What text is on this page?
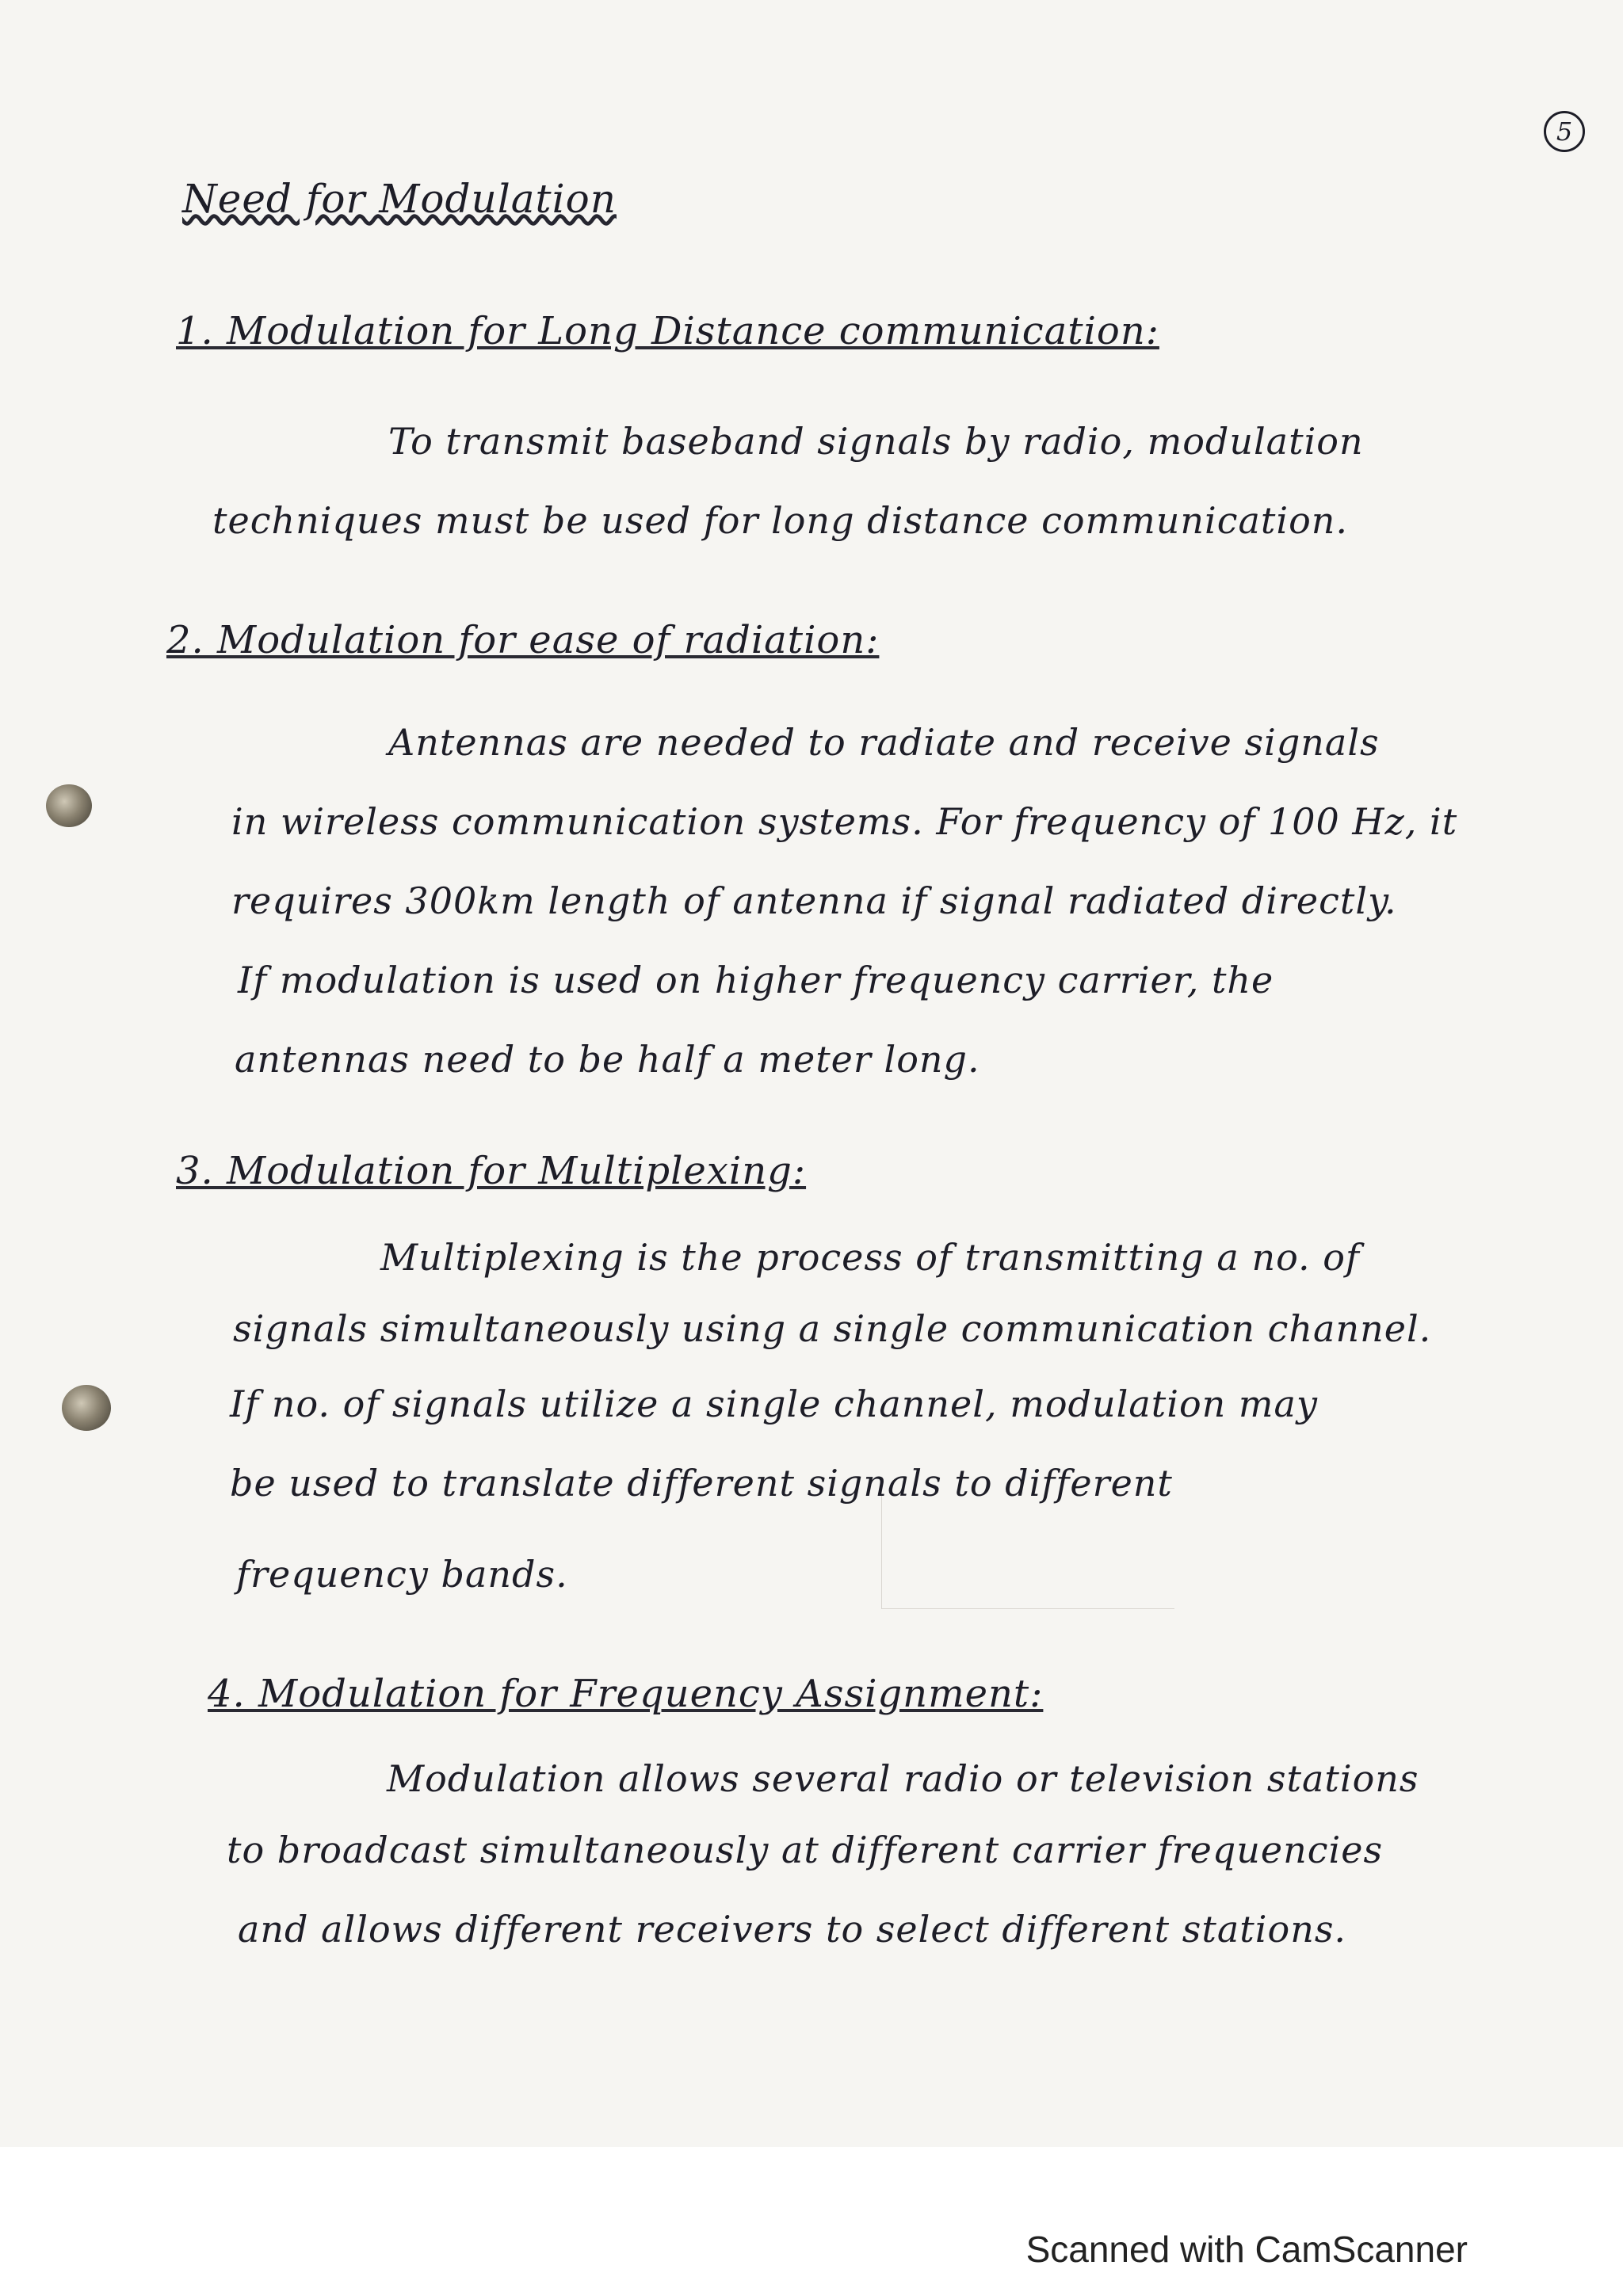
5
Need for Modulation
1. Modulation for Long Distance communication:
To transmit baseband signals by radio, modulation
techniques must be used for long distance communication.
2. Modulation for ease of radiation:
Antennas are needed to radiate and receive signals
in wireless communication systems. For frequency of 100 Hz, it
requires 300km length of antenna if signal radiated directly.
If modulation is used on higher frequency carrier, the
antennas need to be half a meter long.
3. Modulation for Multiplexing:
Multiplexing is the process of transmitting a no. of
signals simultaneously using a single communication channel.
If no. of signals utilize a single channel, modulation may
be used to translate different signals to different
frequency bands.
4. Modulation for Frequency Assignment:
Modulation allows several radio or television stations
to broadcast simultaneously at different carrier frequencies
and allows different receivers to select different stations.
Scanned with CamScanner
